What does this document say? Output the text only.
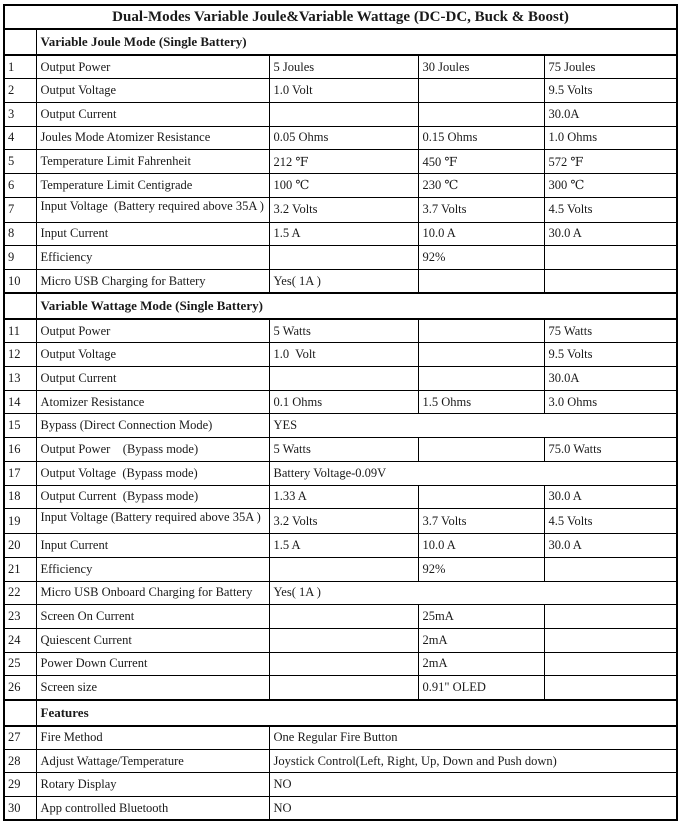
Dual-Modes Variable Joule&Variable Wattage (DC-DC, Buck & Boost)				
	Variable Joule Mode (Single Battery)			
1	Output Power	5 Joules	30 Joules	75 Joules
2	Output Voltage	1.0 Volt		9.5 Volts
3	Output Current			30.0A
4	Joules Mode Atomizer Resistance	0.05 Ohms	0.15 Ohms	1.0 Ohms
5	Temperature Limit Fahrenheit	212 ℉	450 ℉	572 ℉
6	Temperature Limit Centigrade	100 ℃	230 ℃	300 ℃
7	Input Voltage  (Battery required above 35A )	3.2 Volts	3.7 Volts	4.5 Volts
8	Input Current	1.5 A	10.0 A	30.0 A
9	Efficiency		92%	
10	Micro USB Charging for Battery	Yes( 1A )		
	Variable Wattage Mode (Single Battery)			
11	Output Power	5 Watts		75 Watts
12	Output Voltage	1.0  Volt		9.5 Volts
13	Output Current			30.0A
14	Atomizer Resistance	0.1 Ohms	1.5 Ohms	3.0 Ohms
15	Bypass (Direct Connection Mode)	YES		
16	Output Power    (Bypass mode)	5 Watts		75.0 Watts
17	Output Voltage  (Bypass mode)	Battery Voltage-0.09V		
18	Output Current  (Bypass mode)	1.33 A		30.0 A
19	Input Voltage (Battery required above 35A )	3.2 Volts	3.7 Volts	4.5 Volts
20	Input Current	1.5 A	10.0 A	30.0 A
21	Efficiency		92%	
22	Micro USB Onboard Charging for Battery	Yes( 1A )		
23	Screen On Current		25mA	
24	Quiescent Current		2mA	
25	Power Down Current		2mA	
26	Screen size		0.91" OLED	
	Features			
27	Fire Method	One Regular Fire Button		
28	Adjust Wattage/Temperature	Joystick Control(Left, Right, Up, Down and Push down)		
29	Rotary Display	NO		
30	App controlled Bluetooth	NO		
